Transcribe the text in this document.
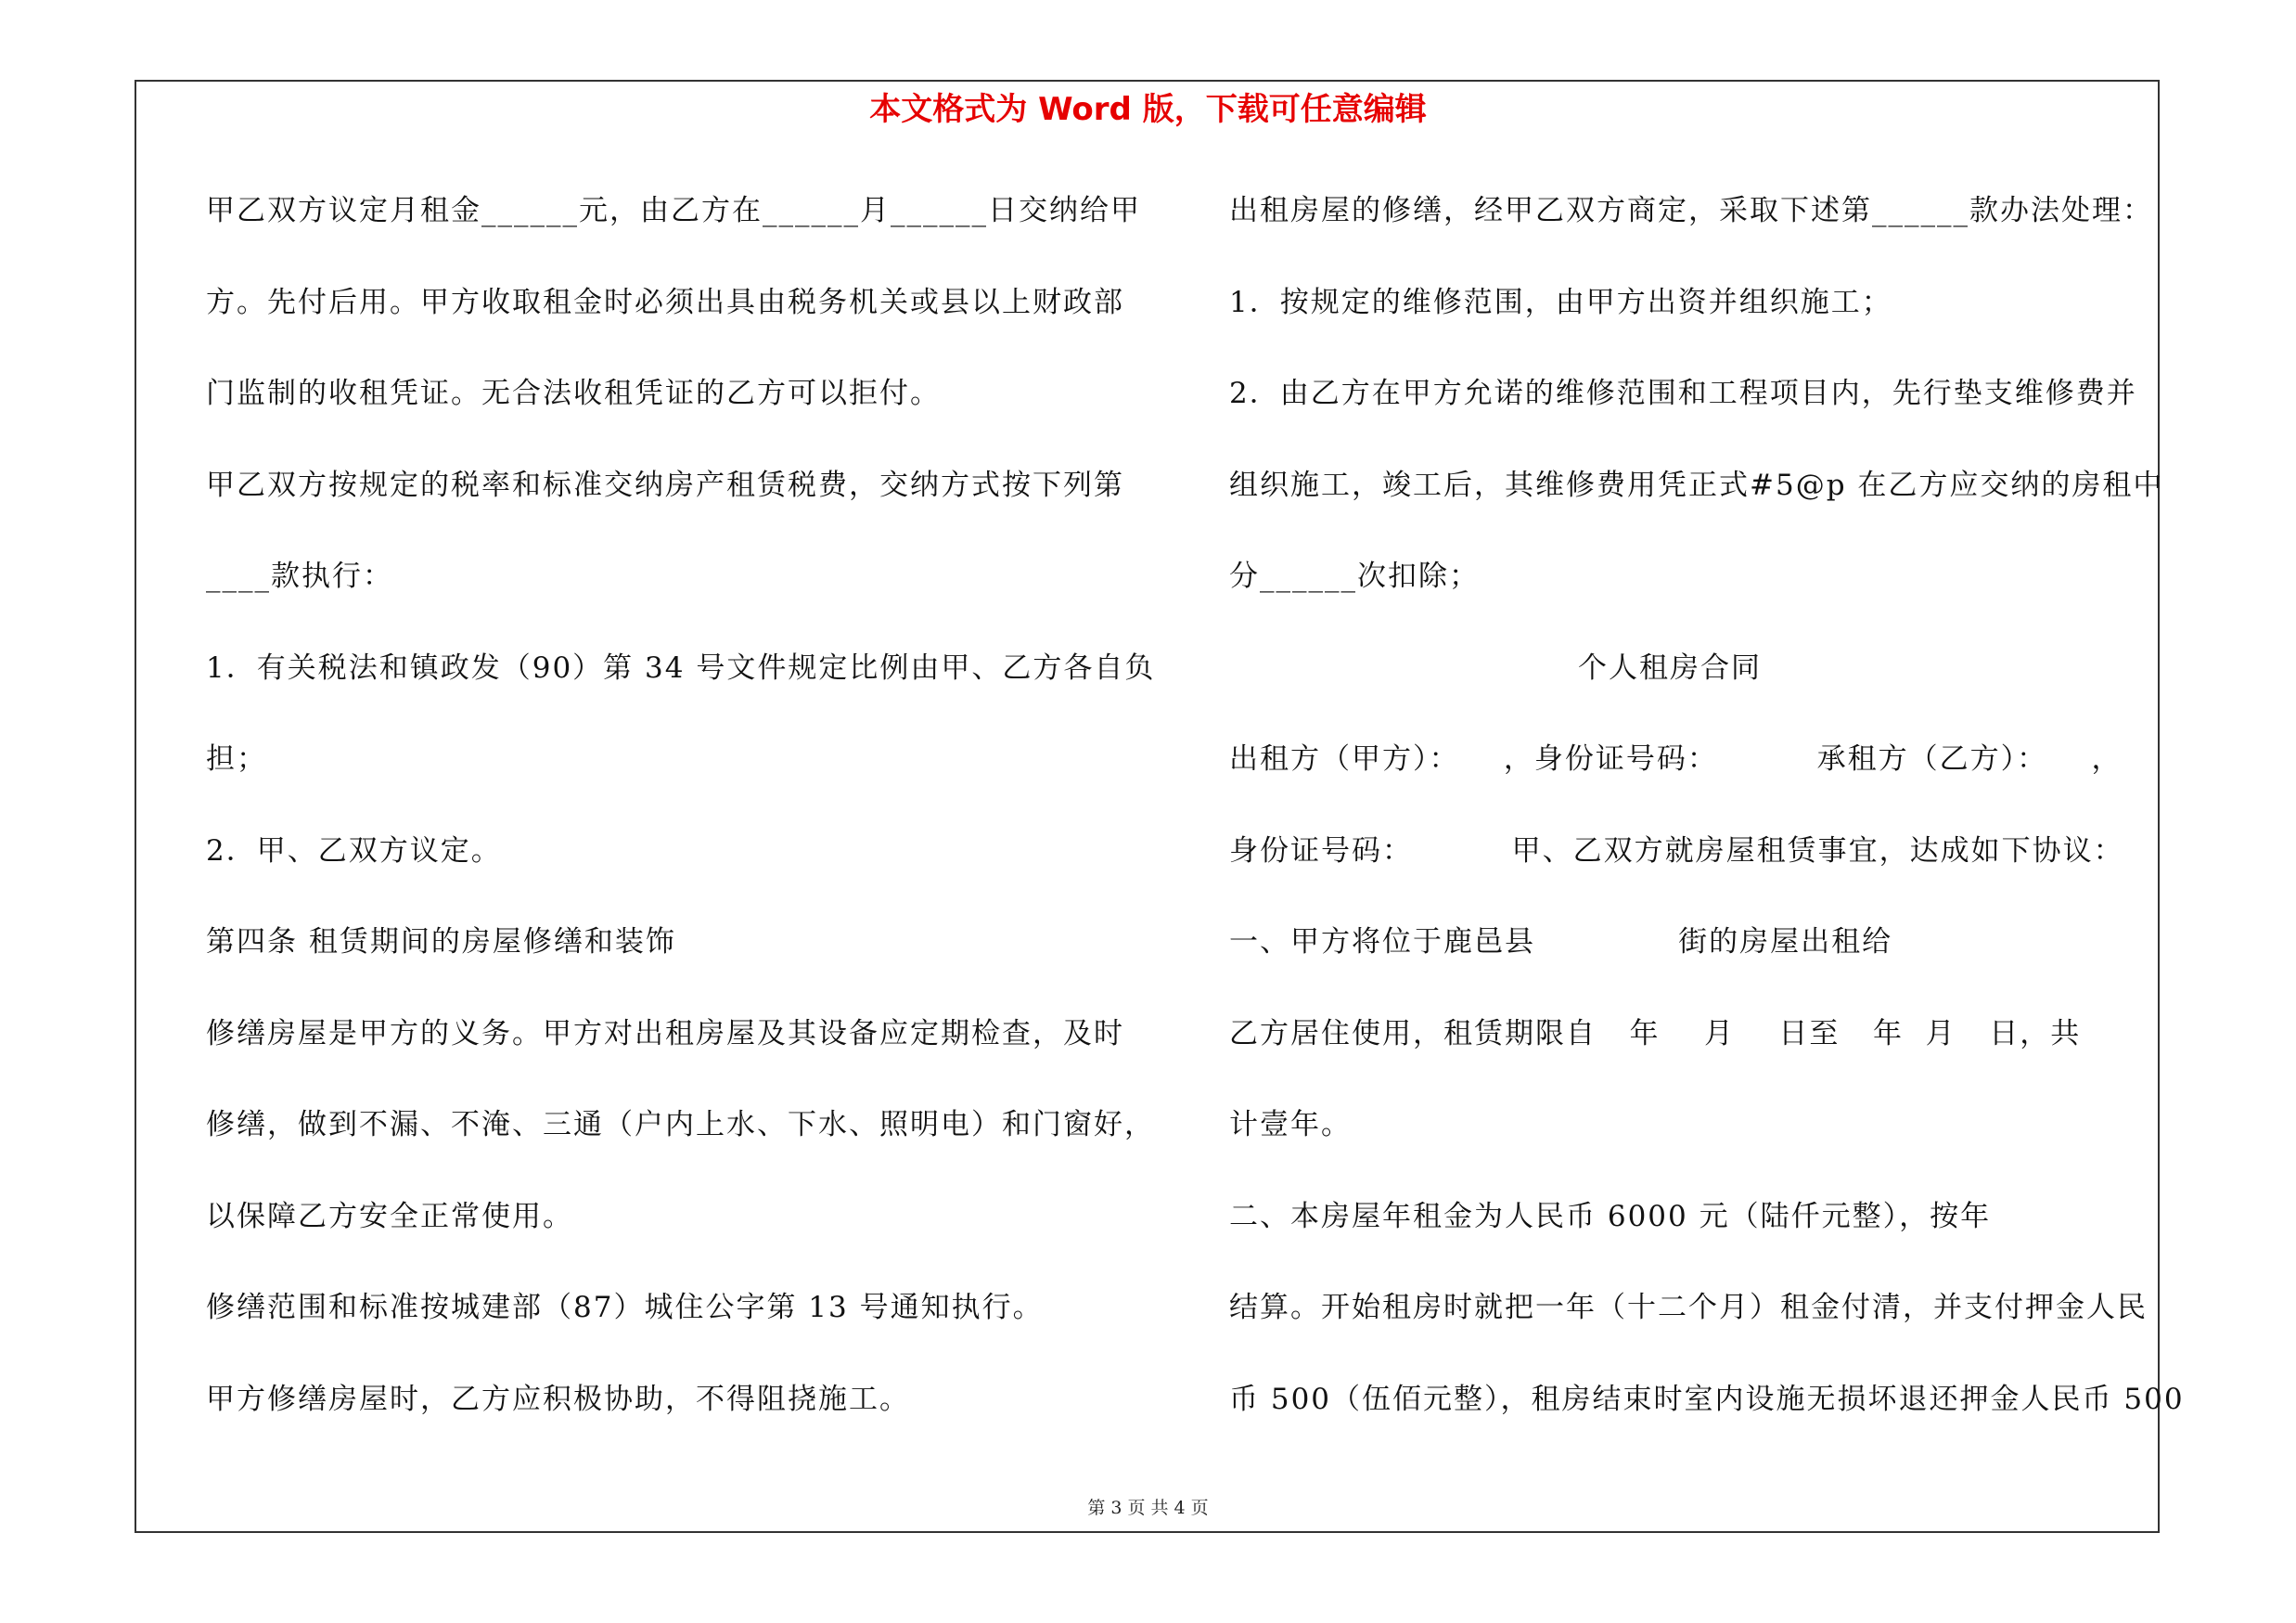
本文格式为 Word 版，下载可任意编辑
甲乙双方议定月租金______元，由乙方在______月______日交纳给甲
方。先付后用。甲方收取租金时必须出具由税务机关或县以上财政部
门监制的收租凭证。无合法收租凭证的乙方可以拒付。
甲乙双方按规定的税率和标准交纳房产租赁税费，交纳方式按下列第
____款执行：
1．有关税法和镇政发（90）第 34 号文件规定比例由甲、乙方各自负
担；
2．甲、乙双方议定。
第四条 租赁期间的房屋修缮和装饰
修缮房屋是甲方的义务。甲方对出租房屋及其设备应定期检查，及时
修缮，做到不漏、不淹、三通（户内上水、下水、照明电）和门窗好，
以保障乙方安全正常使用。
修缮范围和标准按城建部（87）城住公字第 13 号通知执行。
甲方修缮房屋时，乙方应积极协助，不得阻挠施工。
出租房屋的修缮，经甲乙双方商定，采取下述第______款办法处理：
1．按规定的维修范围，由甲方出资并组织施工；
2．由乙方在甲方允诺的维修范围和工程项目内，先行垫支维修费并
组织施工，竣工后，其维修费用凭正式#5@p 在乙方应交纳的房租中
分______次扣除；
个人租房合同
出租方（甲方）：    ，身份证号码：         承租方（乙方）：    ，
身份证号码：         甲、乙双方就房屋租赁事宜，达成如下协议：
一、甲方将位于鹿邑县             街的房屋出租给
乙方居住使用，租赁期限自   年    月    日至   年  月   日，共
计壹年。
二、本房屋年租金为人民币 6000 元（陆仟元整），按年
结算。开始租房时就把一年（十二个月）租金付清，并支付押金人民
币 500（伍佰元整），租房结束时室内设施无损坏退还押金人民币 500
第 3 页 共 4 页
